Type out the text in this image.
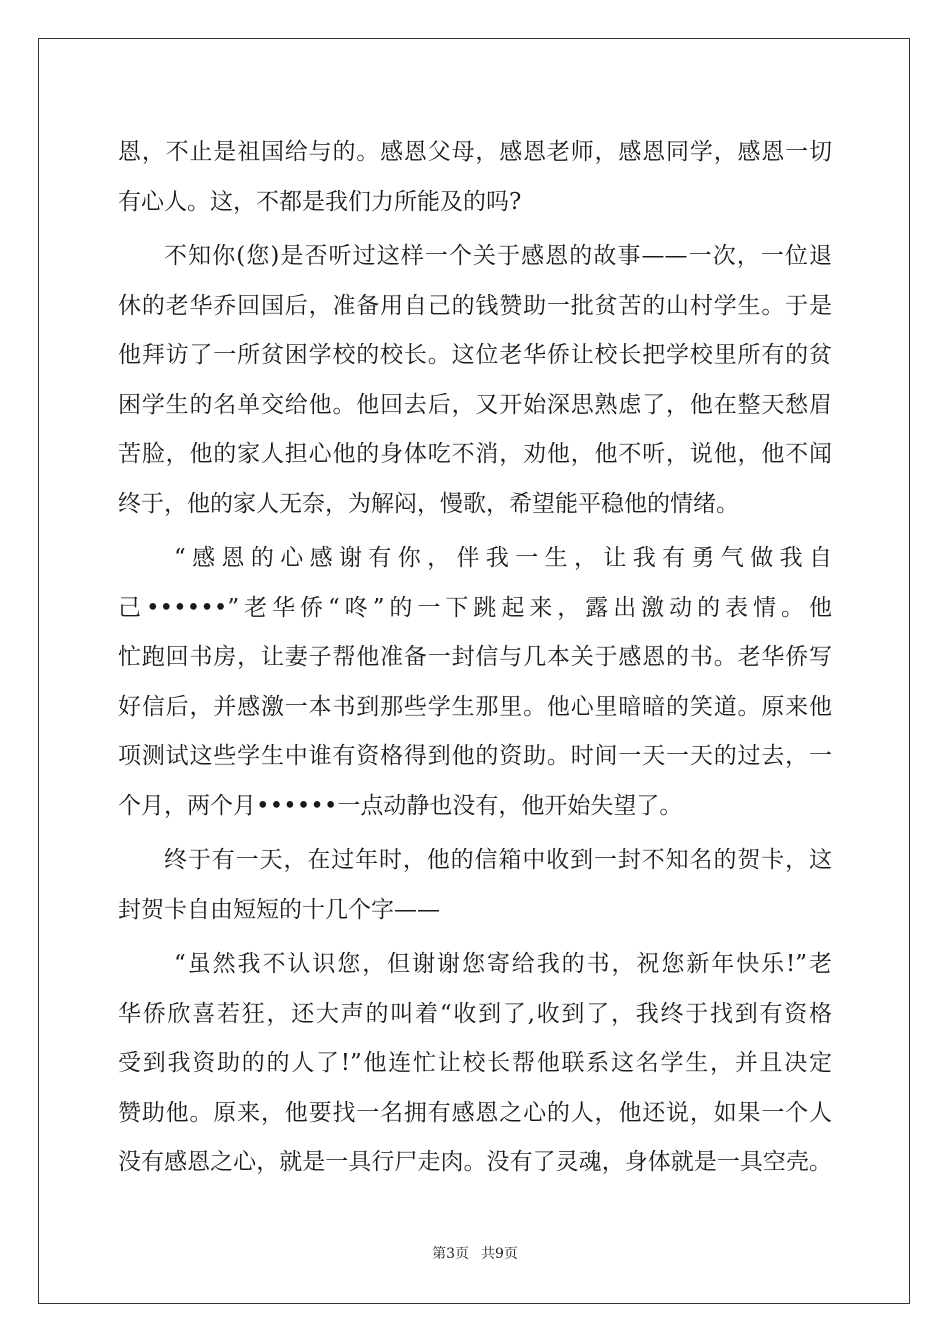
恩，不止是祖国给与的。感恩父母，感恩老师，感恩同学，感恩一切
有心人。这，不都是我们力所能及的吗?
不知你(您)是否听过这样一个关于感恩的故事——一次，一位退
休的老华乔回国后，准备用自己的钱赞助一批贫苦的山村学生。于是
他拜访了一所贫困学校的校长。这位老华侨让校长把学校里所有的贫
困学生的名单交给他。他回去后，又开始深思熟虑了，他在整天愁眉
苦脸，他的家人担心他的身体吃不消，劝他，他不听，说他，他不闻
终于，他的家人无奈，为解闷，慢歌，希望能平稳他的情绪。
“感恩的心感谢有你，伴我一生，让我有勇气做我自
己••••••”老华侨“咚”的一下跳起来，露出激动的表情。他
忙跑回书房，让妻子帮他准备一封信与几本关于感恩的书。老华侨写
好信后，并感激一本书到那些学生那里。他心里暗暗的笑道。原来他
项测试这些学生中谁有资格得到他的资助。时间一天一天的过去，一
个月，两个月••••••一点动静也没有，他开始失望了。
终于有一天，在过年时，他的信箱中收到一封不知名的贺卡，这
封贺卡自由短短的十几个字——
“虽然我不认识您，但谢谢您寄给我的书，祝您新年快乐!”老
华侨欣喜若狂，还大声的叫着“收到了,收到了，我终于找到有资格
受到我资助的的人了!”他连忙让校长帮他联系这名学生，并且决定
赞助他。原来，他要找一名拥有感恩之心的人，他还说，如果一个人
没有感恩之心，就是一具行尸走肉。没有了灵魂，身体就是一具空壳。
第3页 共9页
